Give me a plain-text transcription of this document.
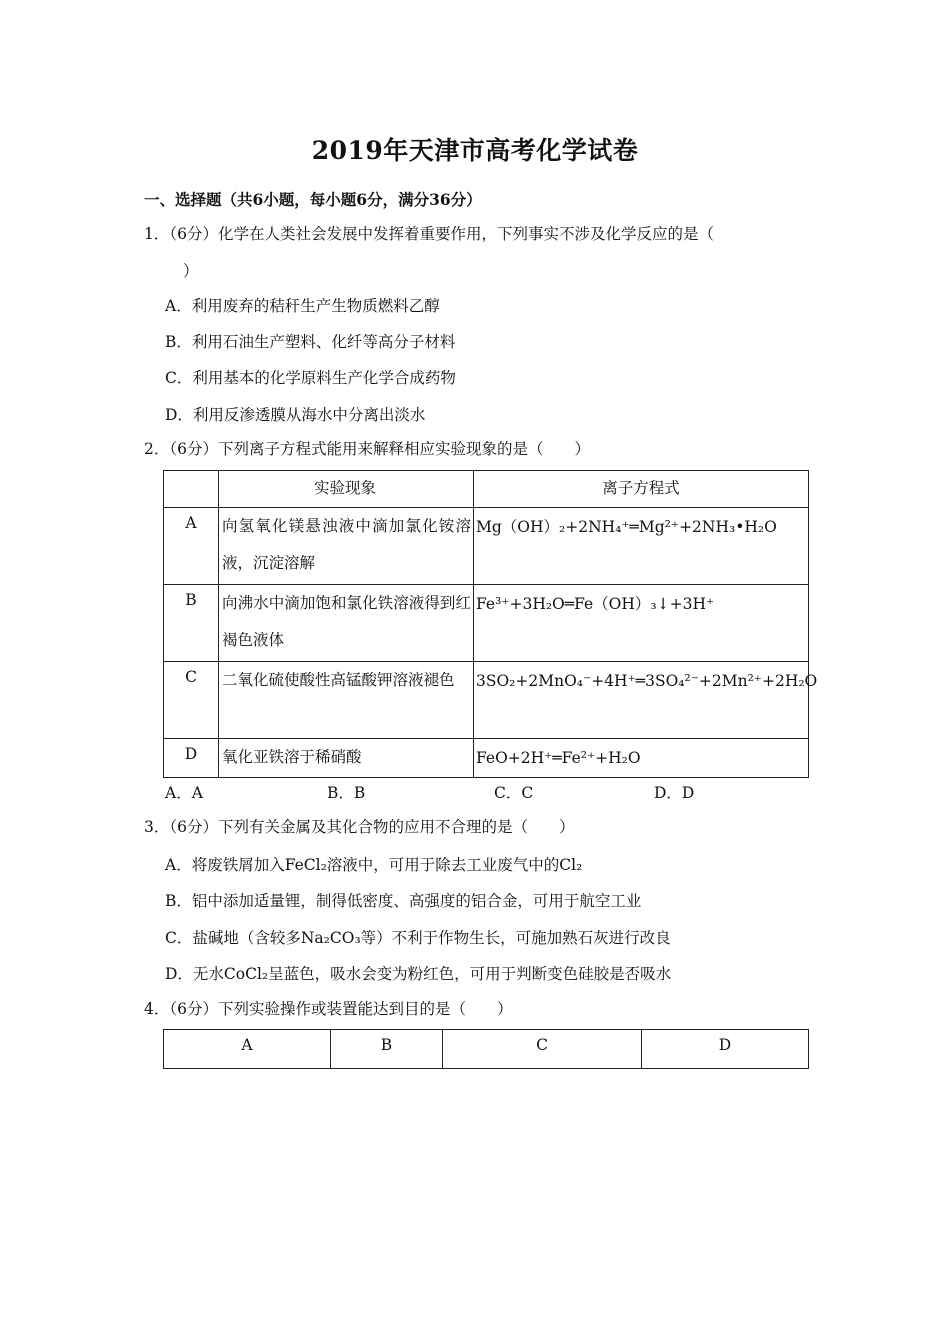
2019年天津市高考化学试卷
一、选择题（共6小题，每小题6分，满分36分）
1．（6分）化学在人类社会发展中发挥着重要作用，下列事实不涉及化学反应的是（
）
A．利用废弃的秸秆生产生物质燃料乙醇
B．利用石油生产塑料、化纤等高分子材料
C．利用基本的化学原料生产化学合成药物
D．利用反渗透膜从海水中分离出淡水
2．（6分）下列离子方程式能用来解释相应实验现象的是（　　）
	实验现象	离子方程式
A	向氢氧化镁悬浊液中滴加氯化铵溶液，沉淀溶解	Mg（OH）₂+2NH₄⁺═Mg²⁺+2NH₃•H₂O
B	向沸水中滴加饱和氯化铁溶液得到红褐色液体	Fe³⁺+3H₂O═Fe（OH）₃↓+3H⁺
C	二氧化硫使酸性高锰酸钾溶液褪色	3SO₂+2MnO₄⁻+4H⁺═3SO₄²⁻+2Mn²⁺+2H₂O
D	氧化亚铁溶于稀硝酸	FeO+2H⁺═Fe²⁺+H₂O
A．A	B．B	C．C	D．D
3．（6分）下列有关金属及其化合物的应用不合理的是（　　）
A．将废铁屑加入FeCl₂溶液中，可用于除去工业废气中的Cl₂
B．铝中添加适量锂，制得低密度、高强度的铝合金，可用于航空工业
C．盐碱地（含较多Na₂CO₃等）不利于作物生长，可施加熟石灰进行改良
D．无水CoCl₂呈蓝色，吸水会变为粉红色，可用于判断变色硅胶是否吸水
4．（6分）下列实验操作或装置能达到目的是（　　）
A	B	C	D
